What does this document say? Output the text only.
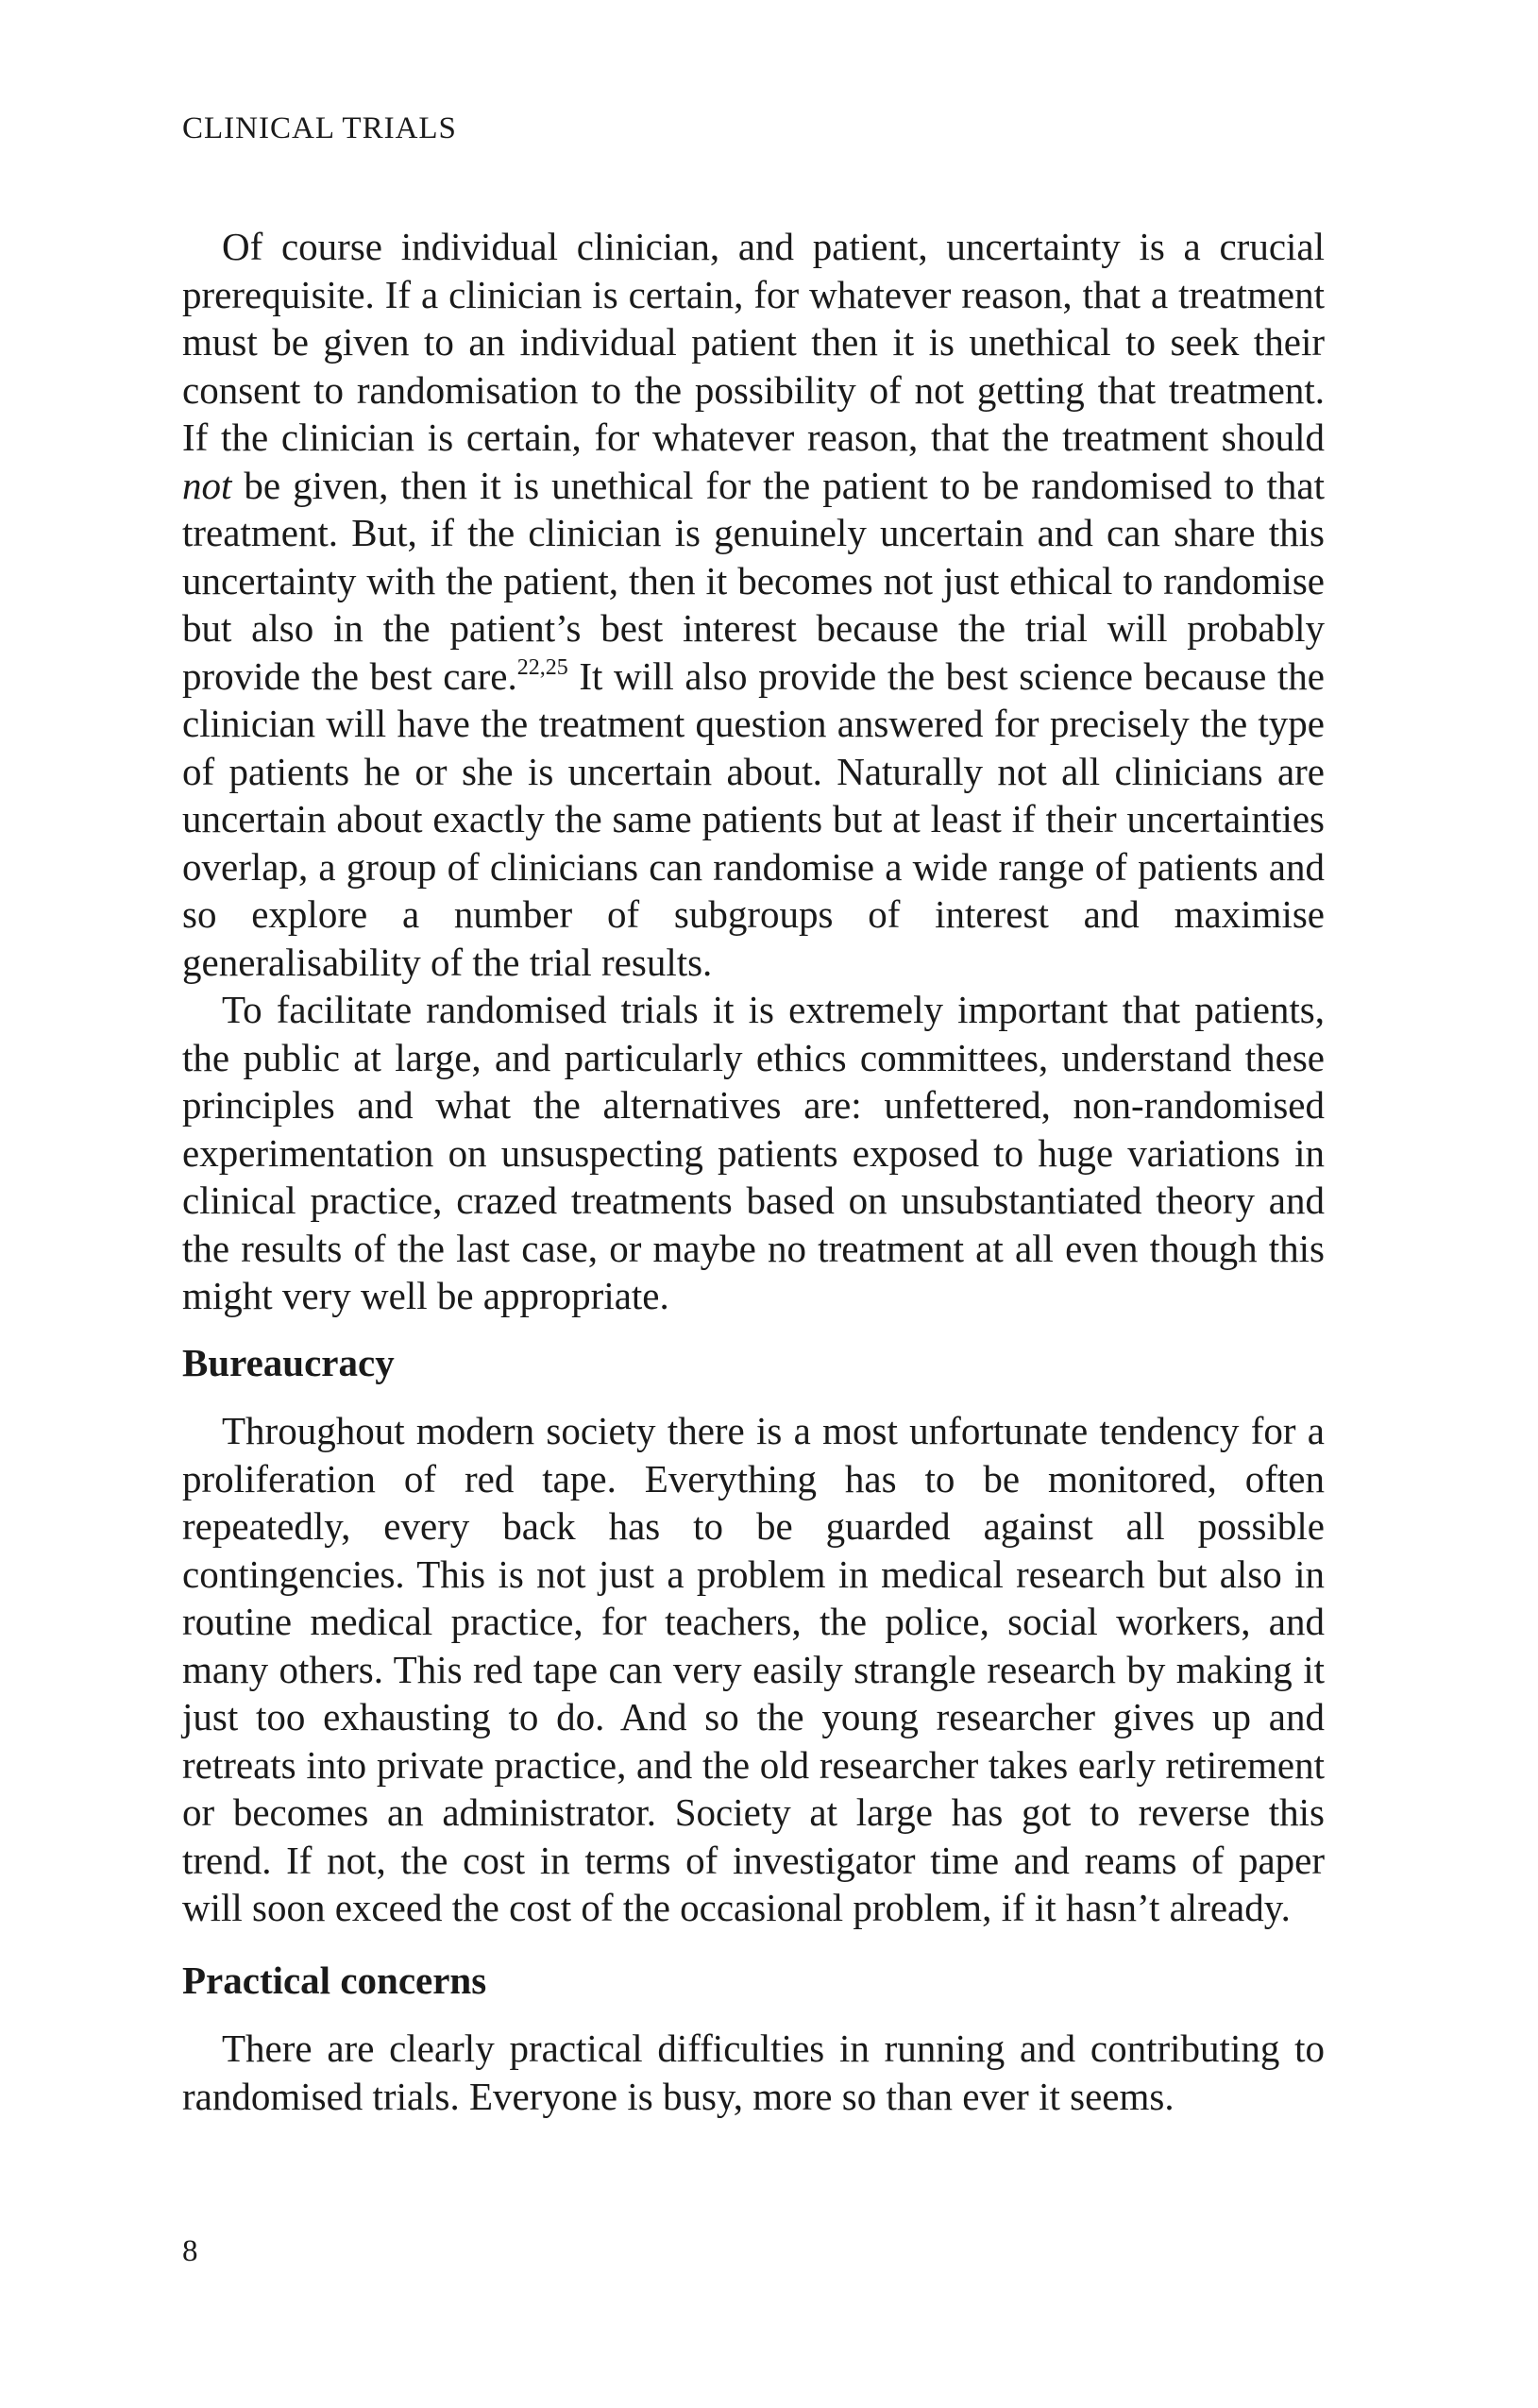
CLINICAL TRIALS

Of course individual clinician, and patient, uncertainty is a crucial prerequisite. If a clinician is certain, for whatever reason, that a treatment must be given to an individual patient then it is unethical to seek their consent to randomisation to the possibility of not getting that treatment. If the clinician is certain, for whatever reason, that the treatment should not be given, then it is unethical for the patient to be randomised to that treatment. But, if the clinician is genuinely uncertain and can share this uncertainty with the patient, then it becomes not just ethical to randomise but also in the patient’s best interest because the trial will probably provide the best care.$^{22,25}$ It will also provide the best science because the clinician will have the treatment question answered for precisely the type of patients he or she is uncertain about. Naturally not all clinicians are uncertain about exactly the same patients but at least if their uncertainties overlap, a group of clinicians can randomise a wide range of patients and so explore a number of subgroups of interest and maximise generalisability of the trial results.

To facilitate randomised trials it is extremely important that patients, the public at large, and particularly ethics committees, understand these principles and what the alternatives are: unfettered, non-randomised experimentation on unsuspecting patients exposed to huge variations in clinical practice, crazed treatments based on unsubstantiated theory and the results of the last case, or maybe no treatment at all even though this might very well be appropriate.

Bureaucracy

Throughout modern society there is a most unfortunate tendency for a proliferation of red tape. Everything has to be monitored, often repeatedly, every back has to be guarded against all possible contingencies. This is not just a problem in medical research but also in routine medical practice, for teachers, the police, social workers, and many others. This red tape can very easily strangle research by making it just too exhausting to do. And so the young researcher gives up and retreats into private practice, and the old researcher takes early retirement or becomes an administrator. Society at large has got to reverse this trend. If not, the cost in terms of investigator time and reams of paper will soon exceed the cost of the occasional problem, if it hasn’t already.

Practical concerns

There are clearly practical difficulties in running and contributing to randomised trials. Everyone is busy, more so than ever it seems.

8
